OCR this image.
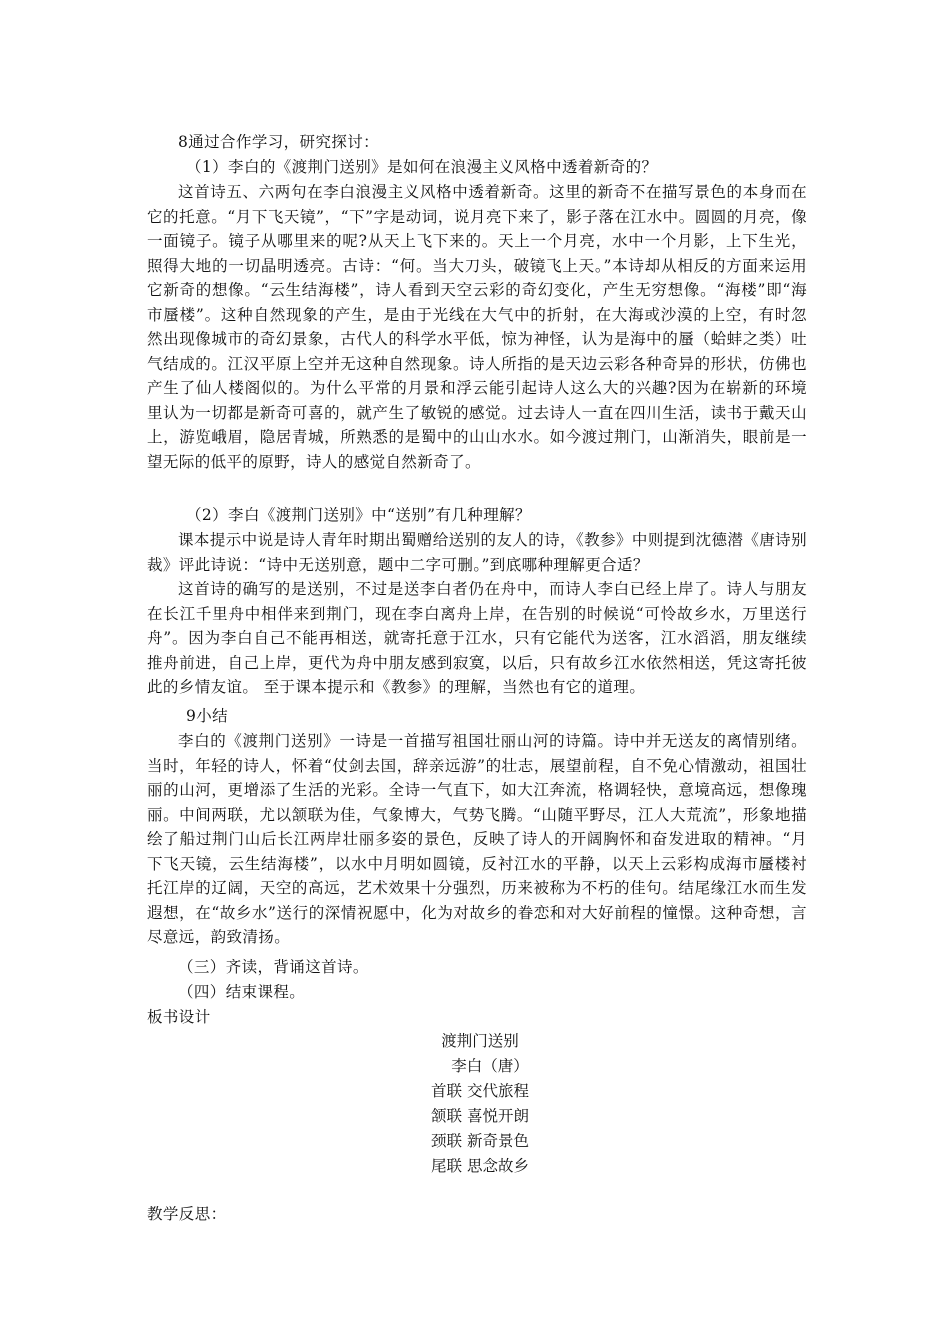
8通过合作学习，研究探讨：
（1）李白的《渡荆门送别》是如何在浪漫主义风格中透着新奇的？
这首诗五、六两句在李白浪漫主义风格中透着新奇。这里的新奇不在描写景色的本身而在它的托意。“月下飞天镜”，“下”字是动词，说月亮下来了，影子落在江水中。圆圆的月亮，像一面镜子。镜子从哪里来的呢?从天上飞下来的。天上一个月亮，水中一个月影，上下生光，照得大地的一切晶明透亮。古诗：“何。当大刀头，破镜飞上天。”本诗却从相反的方面来运用它新奇的想像。“云生结海楼”，诗人看到天空云彩的奇幻变化，产生无穷想像。“海楼”即“海市蜃楼”。这种自然现象的产生，是由于光线在大气中的折射，在大海或沙漠的上空，有时忽然出现像城市的奇幻景象，古代人的科学水平低，惊为神怪，认为是海中的蜃（蛤蚌之类）吐气结成的。江汉平原上空并无这种自然现象。诗人所指的是天边云彩各种奇异的形状，仿佛也产生了仙人楼阁似的。为什么平常的月景和浮云能引起诗人这么大的兴趣?因为在崭新的环境里认为一切都是新奇可喜的，就产生了敏锐的感觉。过去诗人一直在四川生活，读书于戴天山上，游览峨眉，隐居青城，所熟悉的是蜀中的山山水水。如今渡过荆门，山渐消失，眼前是一望无际的低平的原野，诗人的感觉自然新奇了。
（2）李白《渡荆门送别》中“送别”有几种理解？
课本提示中说是诗人青年时期出蜀赠给送别的友人的诗，《教参》中则提到沈德潜《唐诗别裁》评此诗说：“诗中无送别意，题中二字可删。”到底哪种理解更合适？
这首诗的确写的是送别，不过是送李白者仍在舟中，而诗人李白已经上岸了。诗人与朋友在长江千里舟中相伴来到荆门，现在李白离舟上岸，在告别的时候说“可怜故乡水，万里送行舟”。因为李白自己不能再相送，就寄托意于江水，只有它能代为送客，江水滔滔，朋友继续推舟前进，自己上岸，更代为舟中朋友感到寂寞，以后，只有故乡江水依然相送，凭这寄托彼此的乡情友谊。 至于课本提示和《教参》的理解，当然也有它的道理。
9小结
李白的《渡荆门送别》一诗是一首描写祖国壮丽山河的诗篇。诗中并无送友的离情别绪。当时，年轻的诗人，怀着“仗剑去国，辞亲远游”的壮志，展望前程，自不免心情激动，祖国壮丽的山河，更增添了生活的光彩。全诗一气直下，如大江奔流，格调轻快，意境高远，想像瑰丽。中间两联，尤以颔联为佳，气象博大，气势飞腾。“山随平野尽，江人大荒流”，形象地描绘了船过荆门山后长江两岸壮丽多姿的景色，反映了诗人的开阔胸怀和奋发进取的精神。“月下飞天镜，云生结海楼”，以水中月明如圆镜，反衬江水的平静，以天上云彩构成海市蜃楼衬托江岸的辽阔，天空的高远，艺术效果十分强烈，历来被称为不朽的佳句。结尾缘江水而生发遐想，在“故乡水”送行的深情祝愿中，化为对故乡的眷恋和对大好前程的憧憬。这种奇想，言尽意远，韵致清扬。
（三）齐读，背诵这首诗。
（四）结束课程。
板书设计
渡荆门送别
李白（唐）
首联 交代旅程
颔联 喜悦开朗
颈联 新奇景色
尾联 思念故乡
教学反思：
